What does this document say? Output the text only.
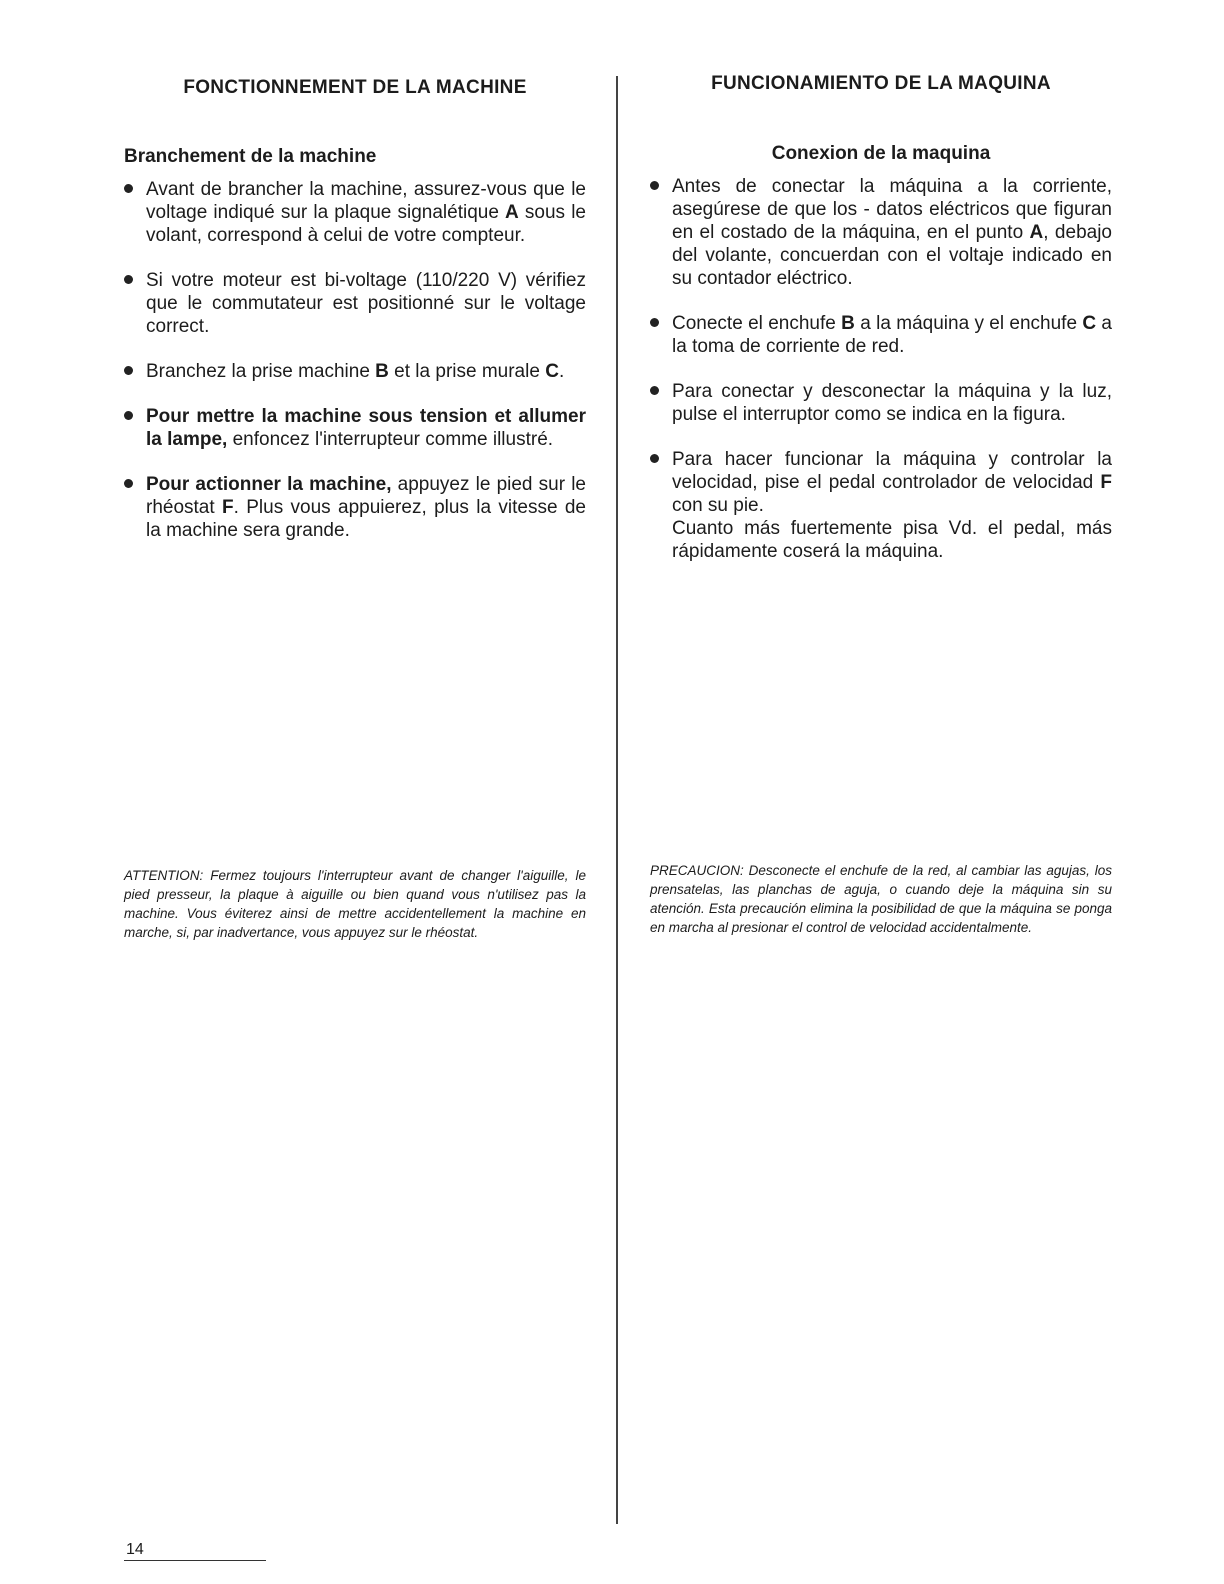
FONCTIONNEMENT DE LA MACHINE
Branchement de la machine
Avant de brancher la machine, assurez-vous que le voltage indiqué sur la plaque signalétique A sous le volant, correspond à celui de votre compteur.
Si votre moteur est bi-voltage (110/220 V) vérifiez que le commutateur est positionné sur le voltage correct.
Branchez la prise machine B et la prise murale C.
Pour mettre la machine sous tension et allumer la lampe, enfoncez l'interrupteur comme illustré.
Pour actionner la machine, appuyez le pied sur le rhéostat F. Plus vous appuierez, plus la vitesse de la machine sera grande.

ATTENTION: Fermez toujours l'interrupteur avant de changer l'aiguille, le pied presseur, la plaque à aiguille ou bien quand vous n'utilisez pas la machine. Vous éviterez ainsi de mettre accidentellement la machine en marche, si, par inadvertance, vous appuyez sur le rhéostat.

FUNCIONAMIENTO DE LA MAQUINA
Conexion de la maquina
Antes de conectar la máquina a la corriente, asegúrese de que los - datos eléctricos que figuran en el costado de la máquina, en el punto A, debajo del volante, concuerdan con el voltaje indicado en su contador eléctrico.
Conecte el enchufe B a la máquina y el enchufe C a la toma de corriente de red.
Para conectar y desconectar la máquina y la luz, pulse el interruptor como se indica en la figura.
Para hacer funcionar la máquina y controlar la velocidad, pise el pedal controlador de velocidad F con su pie.
Cuanto más fuertemente pisa Vd. el pedal, más rápidamente coserá la máquina.

PRECAUCION: Desconecte el enchufe de la red, al cambiar las agujas, los prensatelas, las planchas de aguja, o cuando deje la máquina sin su atención. Esta precaución elimina la posibilidad de que la máquina se ponga en marcha al presionar el control de velocidad accidentalmente.

14
